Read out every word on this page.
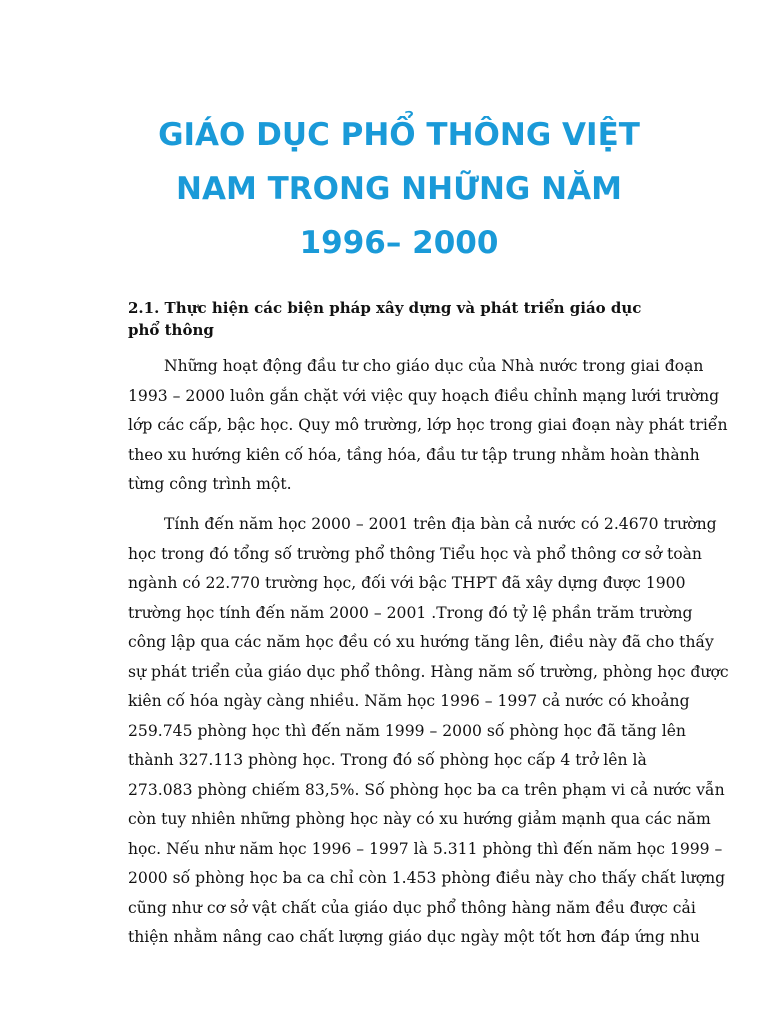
GIÁO DỤC PHỔ THÔNG VIỆT
NAM TRONG NHỮNG NĂM
1996– 2000
2.1. Thực hiện các biện pháp xây dựng và phát triển giáo dục phổ thông
Những hoạt động đầu tư cho giáo dục của Nhà nước trong giai đoạn
1993 – 2000 luôn gắn chặt với việc quy hoạch điều chỉnh mạng lưới trường
lớp các cấp, bậc học. Quy mô trường, lớp học trong giai đoạn này phát triển
theo xu hướng kiên cố hóa, tầng hóa, đầu tư tập trung nhằm hoàn thành
từng công trình một.
Tính đến năm học 2000 – 2001 trên địa bàn cả nước có 2.4670 trường
học trong đó tổng số trường phổ thông Tiểu học và phổ thông cơ sở toàn
ngành có 22.770 trường học, đối với bậc THPT đã xây dựng được 1900
trường học tính đến năm 2000 – 2001 .Trong đó tỷ lệ phần trăm trường
công lập qua các năm học đều có xu hướng tăng lên, điều này đã cho thấy
sự phát triển của giáo dục phổ thông. Hàng năm số trường, phòng học được
kiên cố hóa ngày càng nhiều. Năm học 1996 – 1997 cả nước có khoảng
259.745 phòng học thì đến năm 1999 – 2000 số phòng học đã tăng lên
thành 327.113 phòng học. Trong đó số phòng học cấp 4 trở lên là
273.083 phòng chiếm 83,5%. Số phòng học ba ca trên phạm vi cả nước vẫn
còn tuy nhiên những phòng học này có xu hướng giảm mạnh qua các năm
học. Nếu như năm học 1996 – 1997 là 5.311 phòng thì đến năm học 1999 –
2000 số phòng học ba ca chỉ còn 1.453 phòng điều này cho thấy chất lượng
cũng như cơ sở vật chất của giáo dục phổ thông hàng năm đều được cải
thiện nhằm nâng cao chất lượng giáo dục ngày một tốt hơn đáp ứng nhu
